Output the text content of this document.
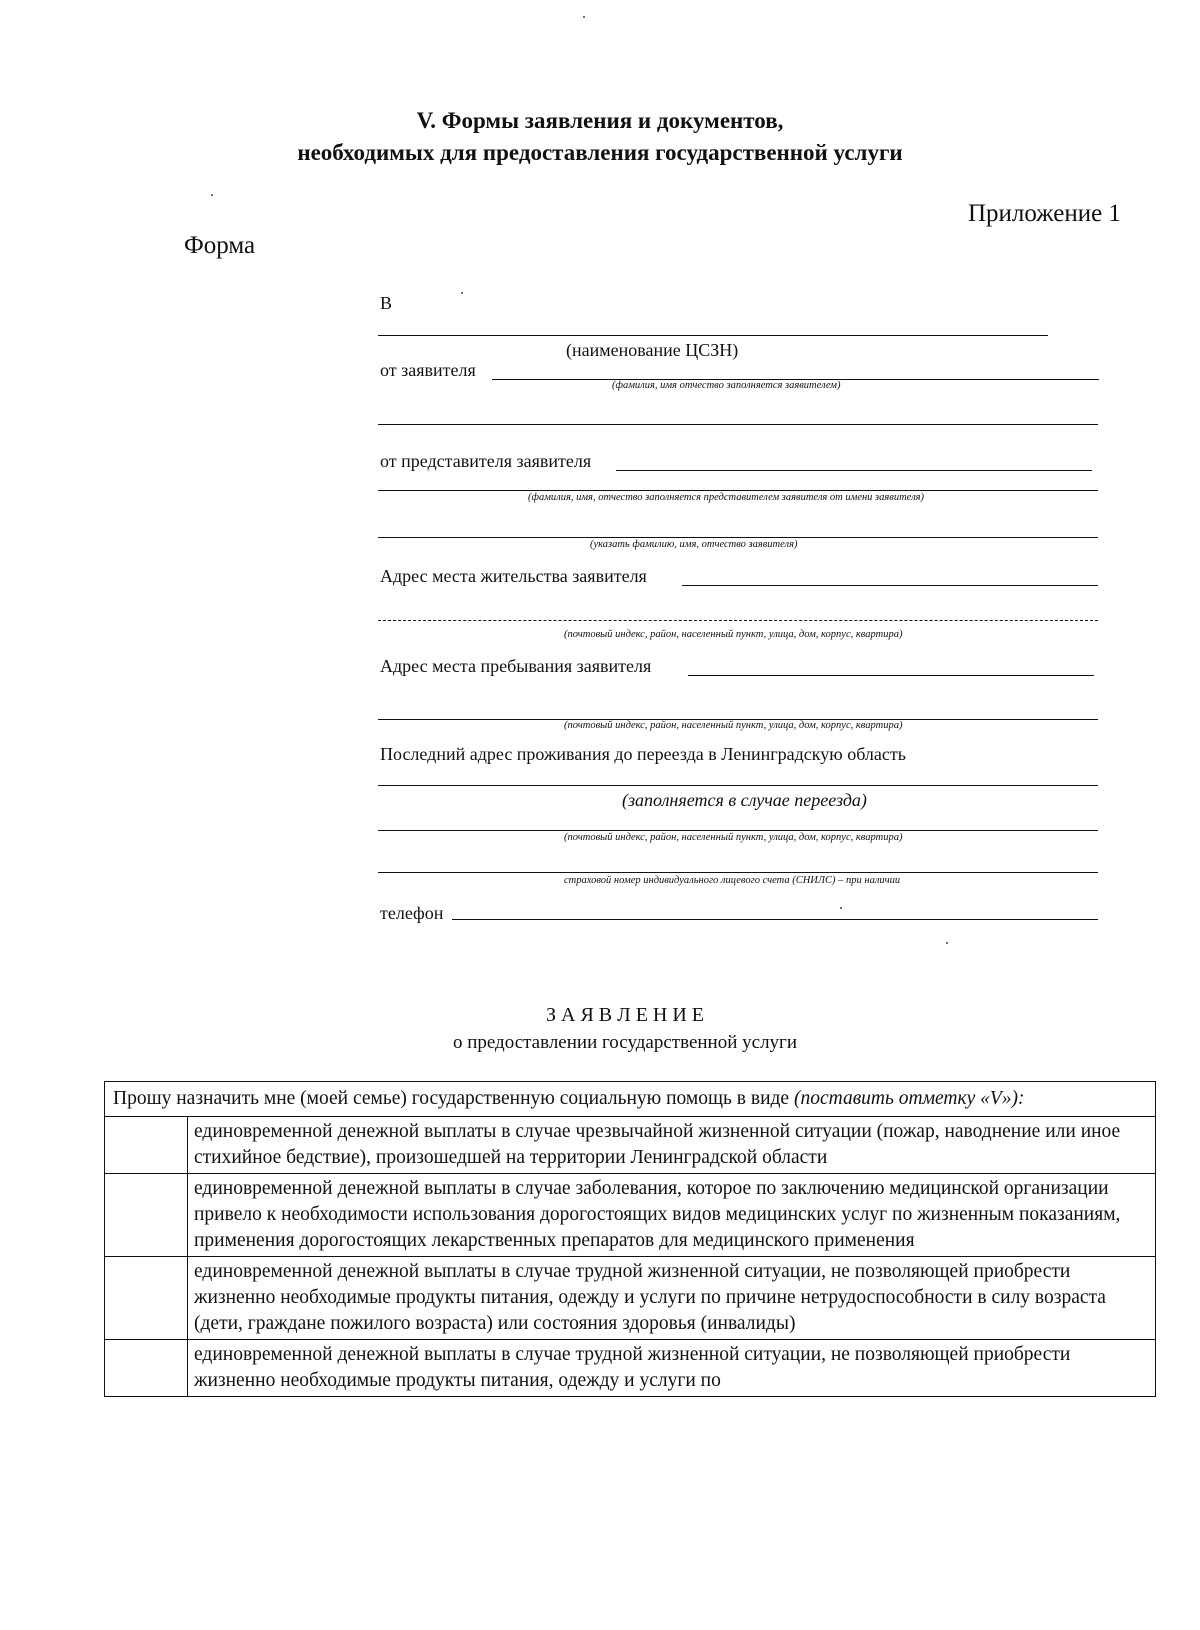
V. Формы заявления и документов,
необходимых для предоставления государственной услуги
Приложение 1
Форма
В
(наименование ЦСЗН)
от заявителя
(фамилия, имя отчество заполняется заявителем)
от представителя заявителя
(фамилия, имя, отчество заполняется представителем заявителя от имени заявителя)
(указать фамилию, имя, отчество заявителя)
Адрес места жительства заявителя
(почтовый индекс, район, населенный пункт, улица, дом, корпус, квартира)
Адрес места пребывания заявителя
(почтовый индекс, район, населенный пункт, улица, дом, корпус, квартира)
Последний адрес проживания до переезда в Ленинградскую область
(заполняется в случае переезда)
(почтовый индекс, район, населенный пункт, улица, дом, корпус, квартира)
страховой номер индивидуального лицевого счета (СНИЛС) – при наличии
телефон
З А Я В Л Е Н И Е
о предоставлении государственной услуги
Прошу назначить мне (моей семье) государственную социальную помощь в виде (поставить отметку «V»):	
	единовременной денежной выплаты в случае чрезвычайной жизненной ситуации (пожар, наводнение или иное стихийное бедствие), произошедшей на территории Ленинградской области
	единовременной денежной выплаты в случае заболевания, которое по заключению медицинской организации привело к необходимости использования дорогостоящих видов медицинских услуг по жизненным показаниям, применения дорогостоящих лекарственных препаратов для медицинского применения
	единовременной денежной выплаты в случае трудной жизненной ситуации, не позволяющей приобрести жизненно необходимые продукты питания, одежду и услуги по причине нетрудоспособности в силу возраста (дети, граждане пожилого возраста) или состояния здоровья (инвалиды)
	единовременной денежной выплаты в случае трудной жизненной ситуации, не позволяющей приобрести жизненно необходимые продукты питания, одежду и услуги по
